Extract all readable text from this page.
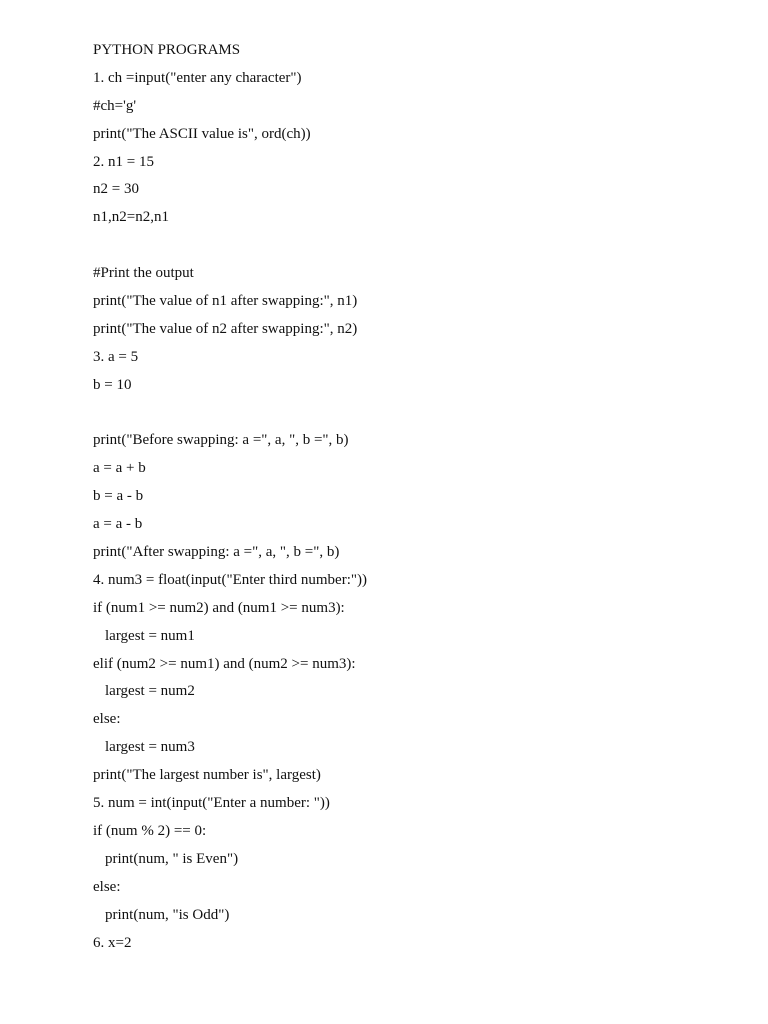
PYTHON PROGRAMS
1. ch =input("enter any character")
#ch='g'
print("The ASCII value is", ord(ch))
2. n1 = 15
n2 = 30
n1,n2=n2,n1
#Print the output
print("The value of n1 after swapping:", n1)
print("The value of n2 after swapping:", n2)
3. a = 5
b = 10
print("Before swapping: a =", a, ", b =", b)
a = a + b
b = a - b
a = a - b
print("After swapping: a =", a, ", b =", b)
4. num3 = float(input("Enter third number:"))
if (num1 >= num2) and (num1 >= num3):
largest = num1
elif (num2 >= num1) and (num2 >= num3):
largest = num2
else:
largest = num3
print("The largest number is", largest)
5. num = int(input("Enter a number: "))
if (num % 2) == 0:
print(num, " is Even")
else:
print(num, "is Odd")
6. x=2
